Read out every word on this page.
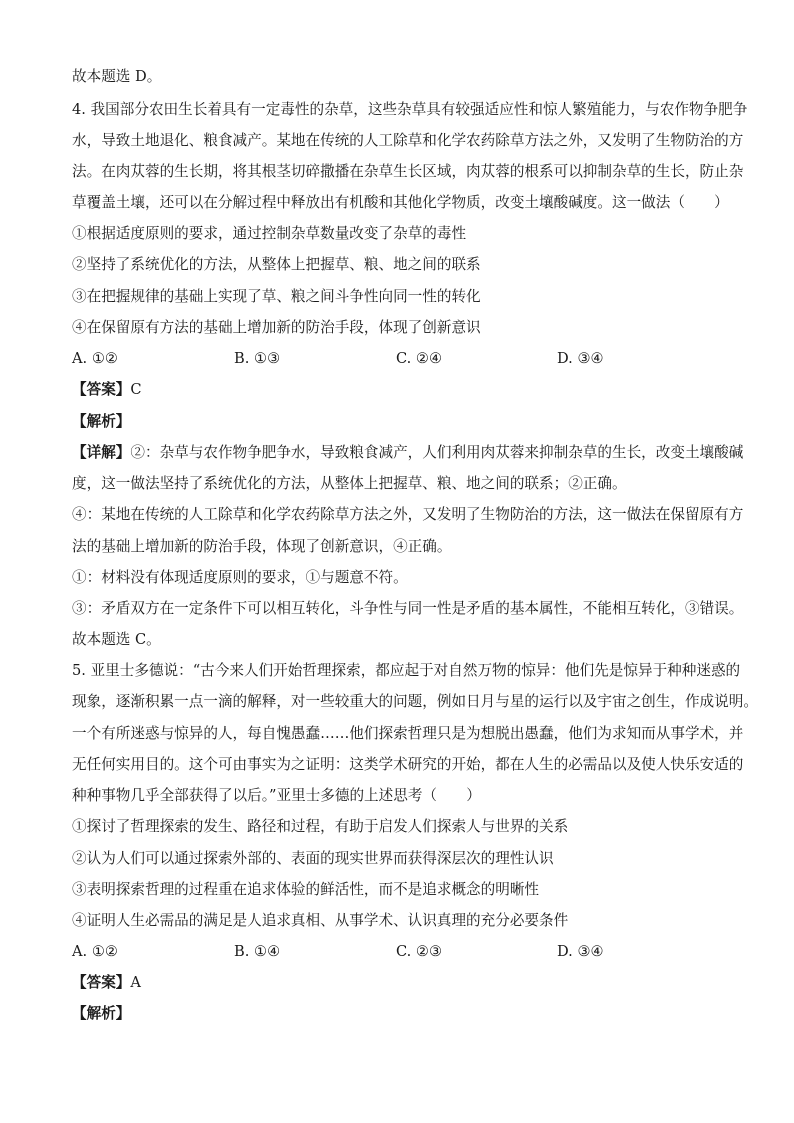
故本题选 D。
4. 我国部分农田生长着具有一定毒性的杂草，这些杂草具有较强适应性和惊人繁殖能力，与农作物争肥争
水，导致土地退化、粮食减产。某地在传统的人工除草和化学农药除草方法之外，又发明了生物防治的方
法。在肉苁蓉的生长期，将其根茎切碎撒播在杂草生长区域，肉苁蓉的根系可以抑制杂草的生长，防止杂
草覆盖土壤，还可以在分解过程中释放出有机酸和其他化学物质，改变土壤酸碱度。这一做法（　　）
①根据适度原则的要求，通过控制杂草数量改变了杂草的毒性
②坚持了系统优化的方法，从整体上把握草、粮、地之间的联系
③在把握规律的基础上实现了草、粮之间斗争性向同一性的转化
④在保留原有方法的基础上增加新的防治手段，体现了创新意识
A. ①②	B. ①③	C. ②④	D. ③④
【答案】C
【解析】
【详解】②：杂草与农作物争肥争水，导致粮食减产，人们利用肉苁蓉来抑制杂草的生长，改变土壤酸碱
度，这一做法坚持了系统优化的方法，从整体上把握草、粮、地之间的联系；②正确。
④：某地在传统的人工除草和化学农药除草方法之外，又发明了生物防治的方法，这一做法在保留原有方
法的基础上增加新的防治手段，体现了创新意识，④正确。
①：材料没有体现适度原则的要求，①与题意不符。
③：矛盾双方在一定条件下可以相互转化，斗争性与同一性是矛盾的基本属性，不能相互转化，③错误。
故本题选 C。
5. 亚里士多德说：“古今来人们开始哲理探索，都应起于对自然万物的惊异：他们先是惊异于种种迷惑的
现象，逐渐积累一点一滴的解释，对一些较重大的问题，例如日月与星的运行以及宇宙之创生，作成说明。
一个有所迷惑与惊异的人，每自愧愚蠢……他们探索哲理只是为想脱出愚蠢，他们为求知而从事学术，并
无任何实用目的。这个可由事实为之证明：这类学术研究的开始，都在人生的必需品以及使人快乐安适的
种种事物几乎全部获得了以后。”亚里士多德的上述思考（　　）
①探讨了哲理探索的发生、路径和过程，有助于启发人们探索人与世界的关系
②认为人们可以通过探索外部的、表面的现实世界而获得深层次的理性认识
③表明探索哲理的过程重在追求体验的鲜活性，而不是追求概念的明晰性
④证明人生必需品的满足是人追求真相、从事学术、认识真理的充分必要条件
A. ①②	B. ①④	C. ②③	D. ③④
【答案】A
【解析】
